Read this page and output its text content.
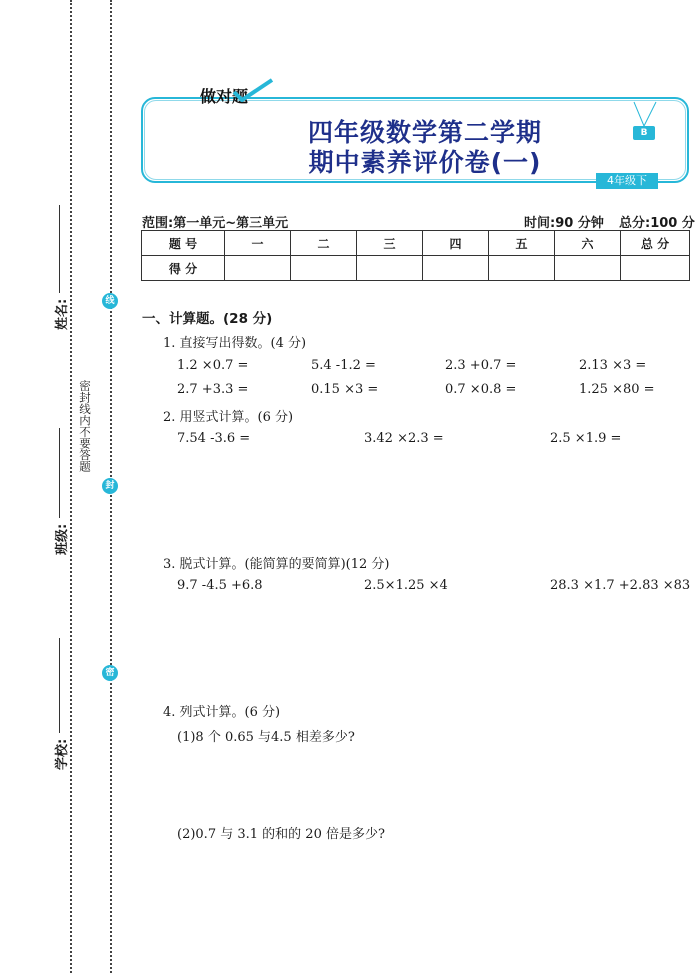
姓名:
班级:
学校:
密封线内不要答题
线
封
密
做对题
四年级数学第二学期
期中素养评价卷(一)
B
4年级下
范围:第一单元~第三单元	时间:90 分钟 总分:100 分
题 号	一	二	三	四	五	六	总 分
得 分							
一、计算题。(28 分)
1. 直接写出得数。(4 分)
1.2 ×0.7 =	5.4 -1.2 =	2.3 +0.7 =	2.13 ×3 =
2.7 +3.3 =	0.15 ×3 =	0.7 ×0.8 =	1.25 ×80 =
2. 用竖式计算。(6 分)
7.54 -3.6 =	3.42 ×2.3 =	2.5 ×1.9 =
3. 脱式计算。(能简算的要简算)(12 分)
9.7 -4.5 +6.8	2.5×1.25 ×4	28.3 ×1.7 +2.83 ×83
4. 列式计算。(6 分)
(1)8 个 0.65 与4.5 相差多少?
(2)0.7 与 3.1 的和的 20 倍是多少?
